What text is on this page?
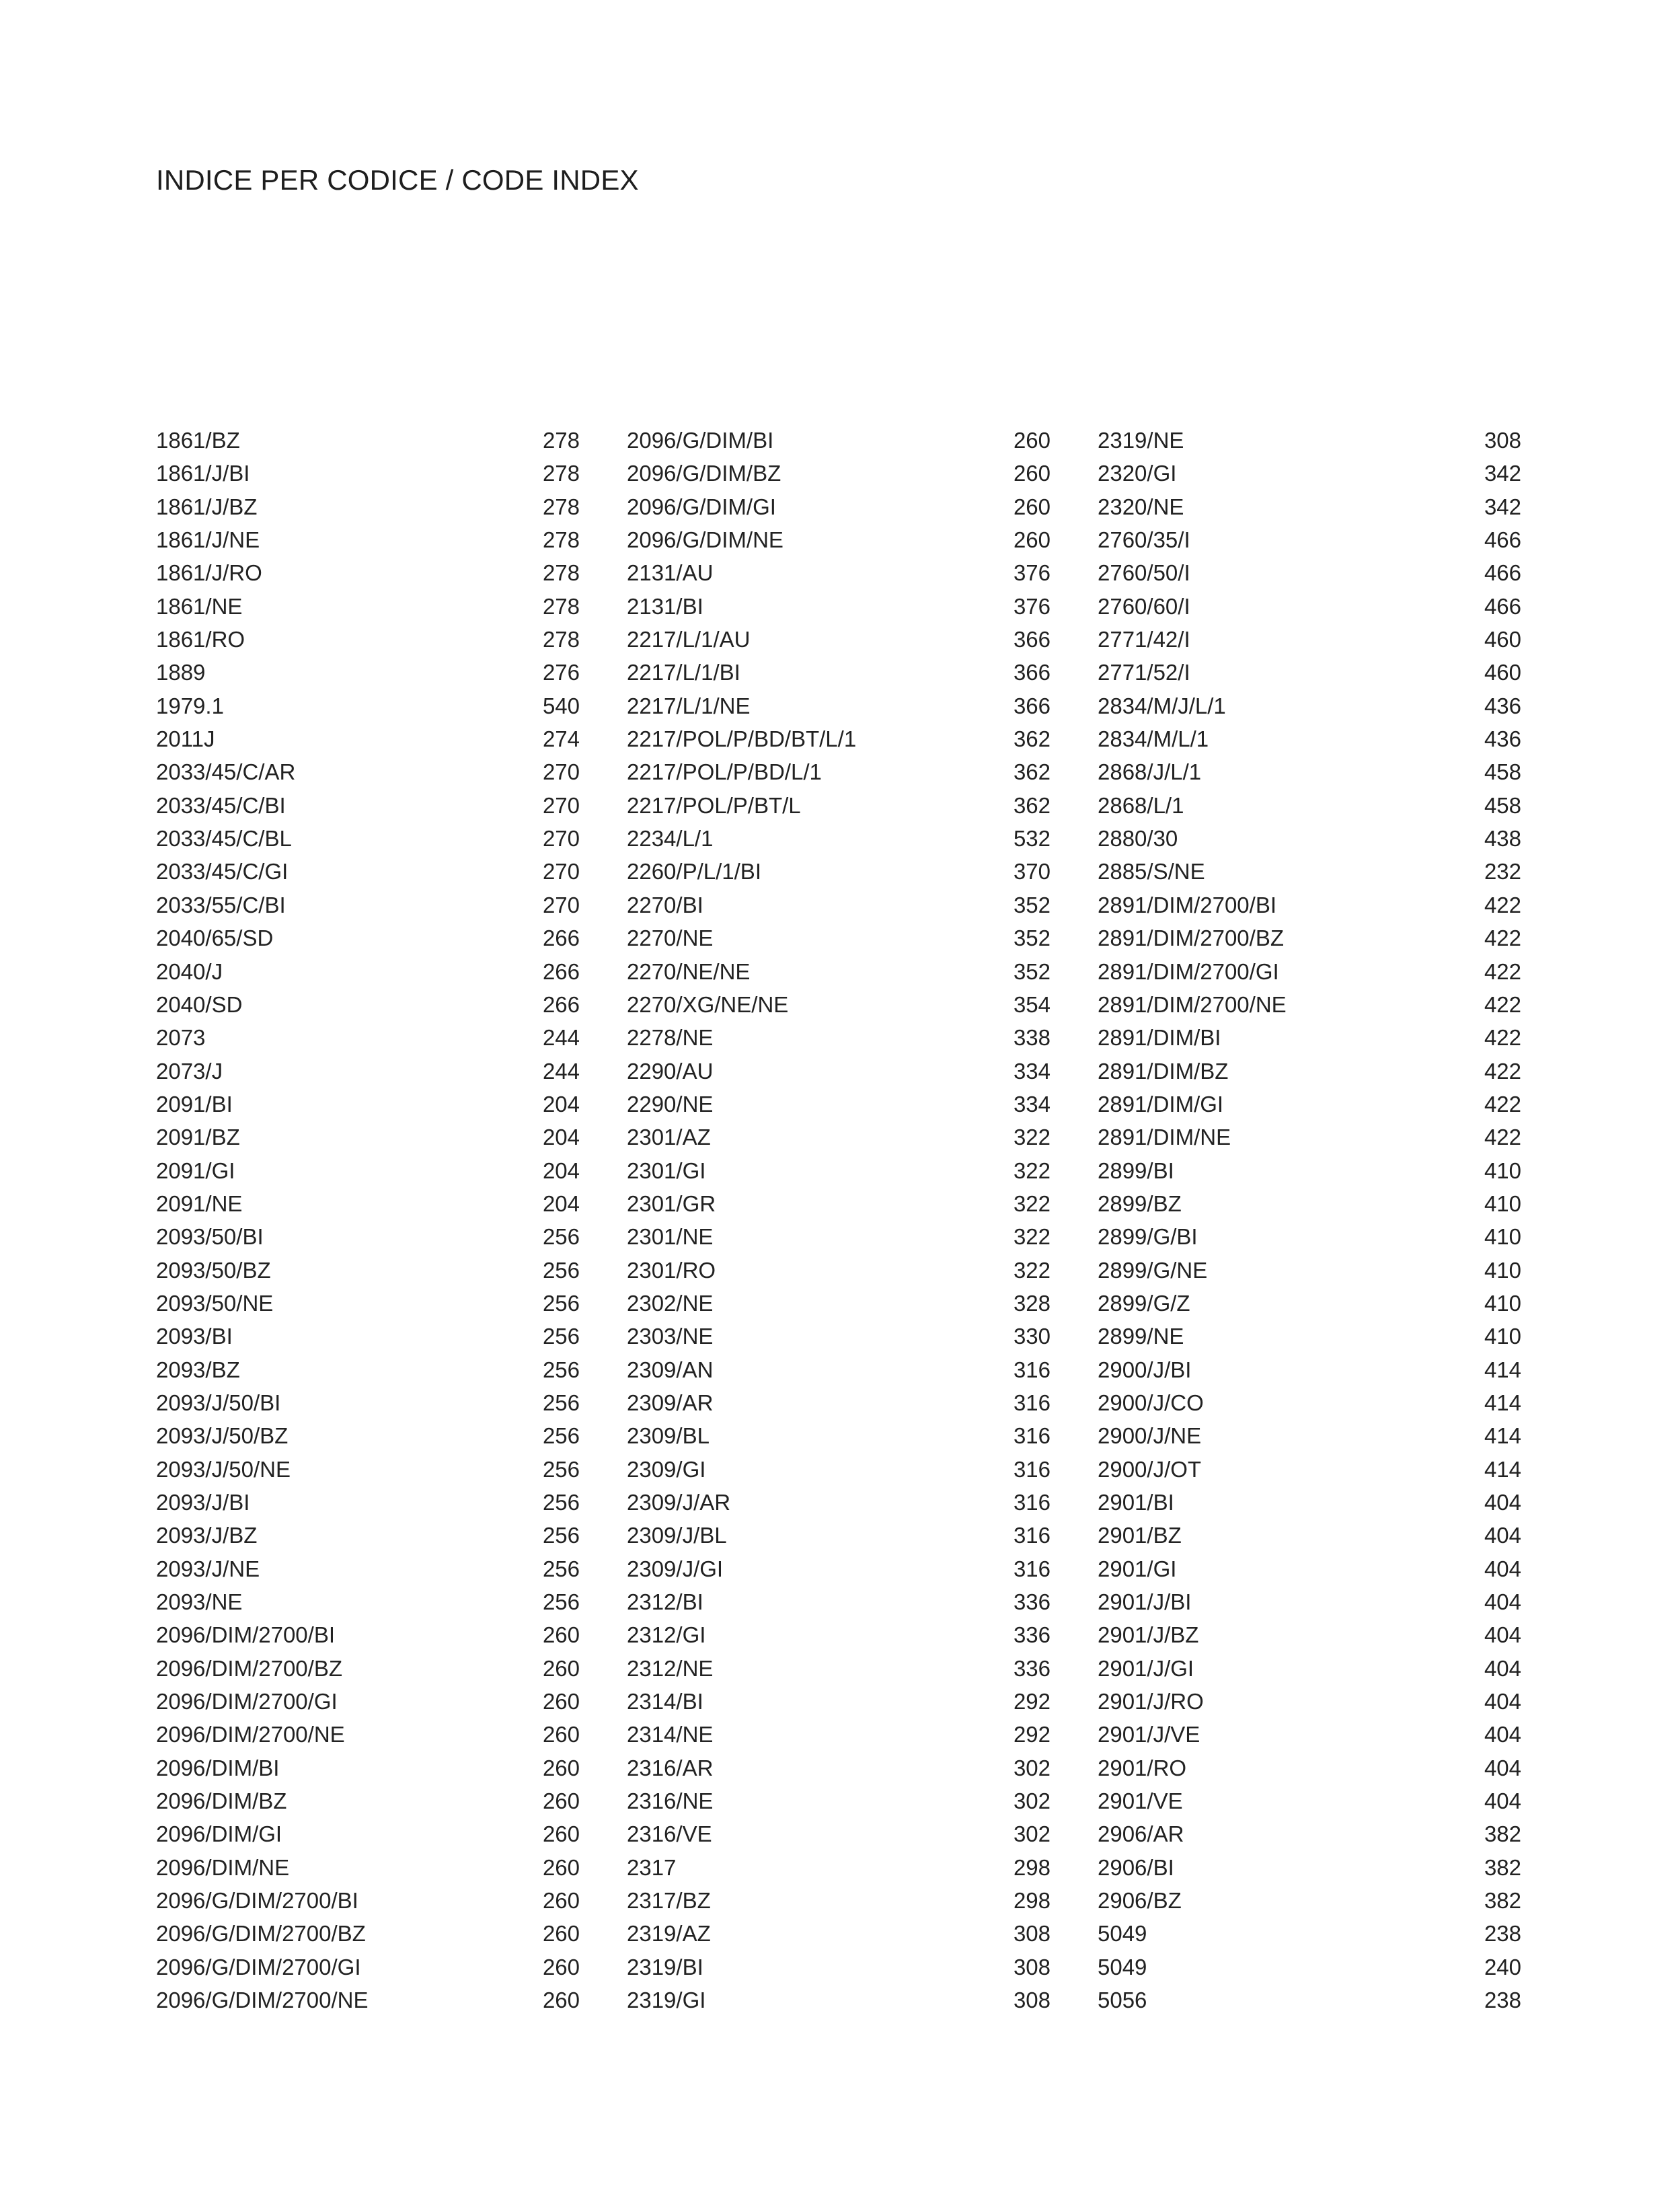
INDICE PER CODICE / CODE INDEX
1861/BZ	278
1861/J/BI	278
1861/J/BZ	278
1861/J/NE	278
1861/J/RO	278
1861/NE	278
1861/RO	278
1889	276
1979.1	540
2011J	274
2033/45/C/AR	270
2033/45/C/BI	270
2033/45/C/BL	270
2033/45/C/GI	270
2033/55/C/BI	270
2040/65/SD	266
2040/J	266
2040/SD	266
2073	244
2073/J	244
2091/BI	204
2091/BZ	204
2091/GI	204
2091/NE	204
2093/50/BI	256
2093/50/BZ	256
2093/50/NE	256
2093/BI	256
2093/BZ	256
2093/J/50/BI	256
2093/J/50/BZ	256
2093/J/50/NE	256
2093/J/BI	256
2093/J/BZ	256
2093/J/NE	256
2093/NE	256
2096/DIM/2700/BI	260
2096/DIM/2700/BZ	260
2096/DIM/2700/GI	260
2096/DIM/2700/NE	260
2096/DIM/BI	260
2096/DIM/BZ	260
2096/DIM/GI	260
2096/DIM/NE	260
2096/G/DIM/2700/BI	260
2096/G/DIM/2700/BZ	260
2096/G/DIM/2700/GI	260
2096/G/DIM/2700/NE	260
2096/G/DIM/BI	260
2096/G/DIM/BZ	260
2096/G/DIM/GI	260
2096/G/DIM/NE	260
2131/AU	376
2131/BI	376
2217/L/1/AU	366
2217/L/1/BI	366
2217/L/1/NE	366
2217/POL/P/BD/BT/L/1	362
2217/POL/P/BD/L/1	362
2217/POL/P/BT/L	362
2234/L/1	532
2260/P/L/1/BI	370
2270/BI	352
2270/NE	352
2270/NE/NE	352
2270/XG/NE/NE	354
2278/NE	338
2290/AU	334
2290/NE	334
2301/AZ	322
2301/GI	322
2301/GR	322
2301/NE	322
2301/RO	322
2302/NE	328
2303/NE	330
2309/AN	316
2309/AR	316
2309/BL	316
2309/GI	316
2309/J/AR	316
2309/J/BL	316
2309/J/GI	316
2312/BI	336
2312/GI	336
2312/NE	336
2314/BI	292
2314/NE	292
2316/AR	302
2316/NE	302
2316/VE	302
2317	298
2317/BZ	298
2319/AZ	308
2319/BI	308
2319/GI	308
2319/NE	308
2320/GI	342
2320/NE	342
2760/35/I	466
2760/50/I	466
2760/60/I	466
2771/42/I	460
2771/52/I	460
2834/M/J/L/1	436
2834/M/L/1	436
2868/J/L/1	458
2868/L/1	458
2880/30	438
2885/S/NE	232
2891/DIM/2700/BI	422
2891/DIM/2700/BZ	422
2891/DIM/2700/GI	422
2891/DIM/2700/NE	422
2891/DIM/BI	422
2891/DIM/BZ	422
2891/DIM/GI	422
2891/DIM/NE	422
2899/BI	410
2899/BZ	410
2899/G/BI	410
2899/G/NE	410
2899/G/Z	410
2899/NE	410
2900/J/BI	414
2900/J/CO	414
2900/J/NE	414
2900/J/OT	414
2901/BI	404
2901/BZ	404
2901/GI	404
2901/J/BI	404
2901/J/BZ	404
2901/J/GI	404
2901/J/RO	404
2901/J/VE	404
2901/RO	404
2901/VE	404
2906/AR	382
2906/BI	382
2906/BZ	382
5049	238
5049	240
5056	238
